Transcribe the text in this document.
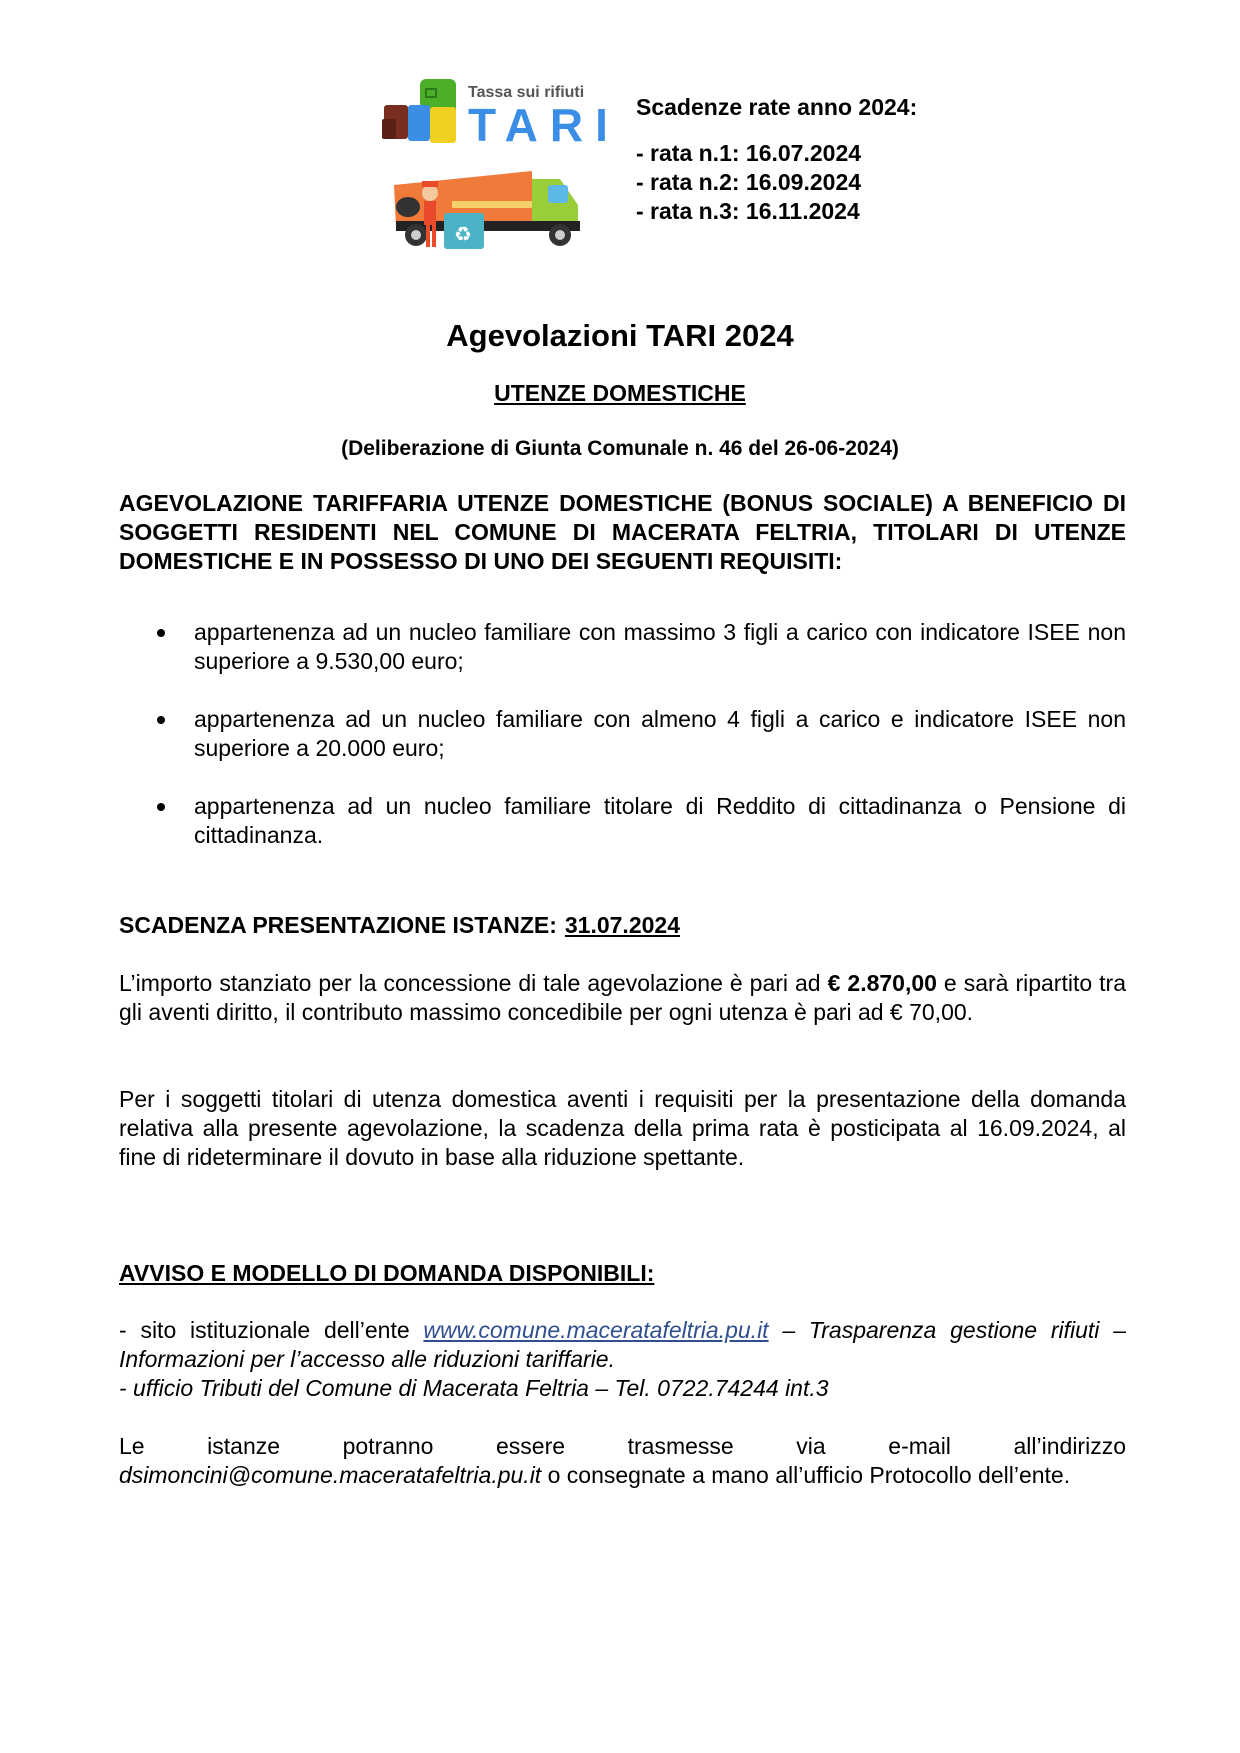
Tassa sui rifiuti
TARI
♻
Scadenze rate anno 2024:
- rata n.1: 16.07.2024
- rata n.2: 16.09.2024
- rata n.3: 16.11.2024
Agevolazioni TARI 2024
UTENZE DOMESTICHE
(Deliberazione di Giunta Comunale n. 46 del 26-06-2024)
AGEVOLAZIONE TARIFFARIA UTENZE DOMESTICHE (BONUS SOCIALE) A BENEFICIO DI SOGGETTI RESIDENTI NEL COMUNE DI MACERATA FELTRIA, TITOLARI DI UTENZE DOMESTICHE E IN POSSESSO DI UNO DEI SEGUENTI REQUISITI:
appartenenza ad un nucleo familiare con massimo 3 figli a carico con indicatore ISEE non superiore a 9.530,00 euro;
appartenenza ad un nucleo familiare con almeno 4 figli a carico e indicatore ISEE non superiore a 20.000 euro;
appartenenza ad un nucleo familiare titolare di Reddito di cittadinanza o Pensione di cittadinanza.
SCADENZA PRESENTAZIONE ISTANZE: 31.07.2024
L’importo stanziato per la concessione di tale agevolazione è pari ad € 2.870,00 e sarà ripartito tra gli aventi diritto, il contributo massimo concedibile per ogni utenza è pari ad € 70,00.
Per i soggetti titolari di utenza domestica aventi i requisiti per la presentazione della domanda relativa alla presente agevolazione, la scadenza della prima rata è posticipata al 16.09.2024, al fine di rideterminare il dovuto in base alla riduzione spettante.
AVVISO E MODELLO DI DOMANDA DISPONIBILI:
- sito istituzionale dell’ente www.comune.maceratafeltria.pu.it – Trasparenza gestione rifiuti – Informazioni per l’accesso alle riduzioni tariffarie.
- ufficio Tributi del Comune di Macerata Feltria – Tel. 0722.74244 int.3
Le istanze potranno essere trasmesse via e-mail all’indirizzo dsimoncini@comune.maceratafeltria.pu.it o consegnate a mano all’ufficio Protocollo dell’ente.
